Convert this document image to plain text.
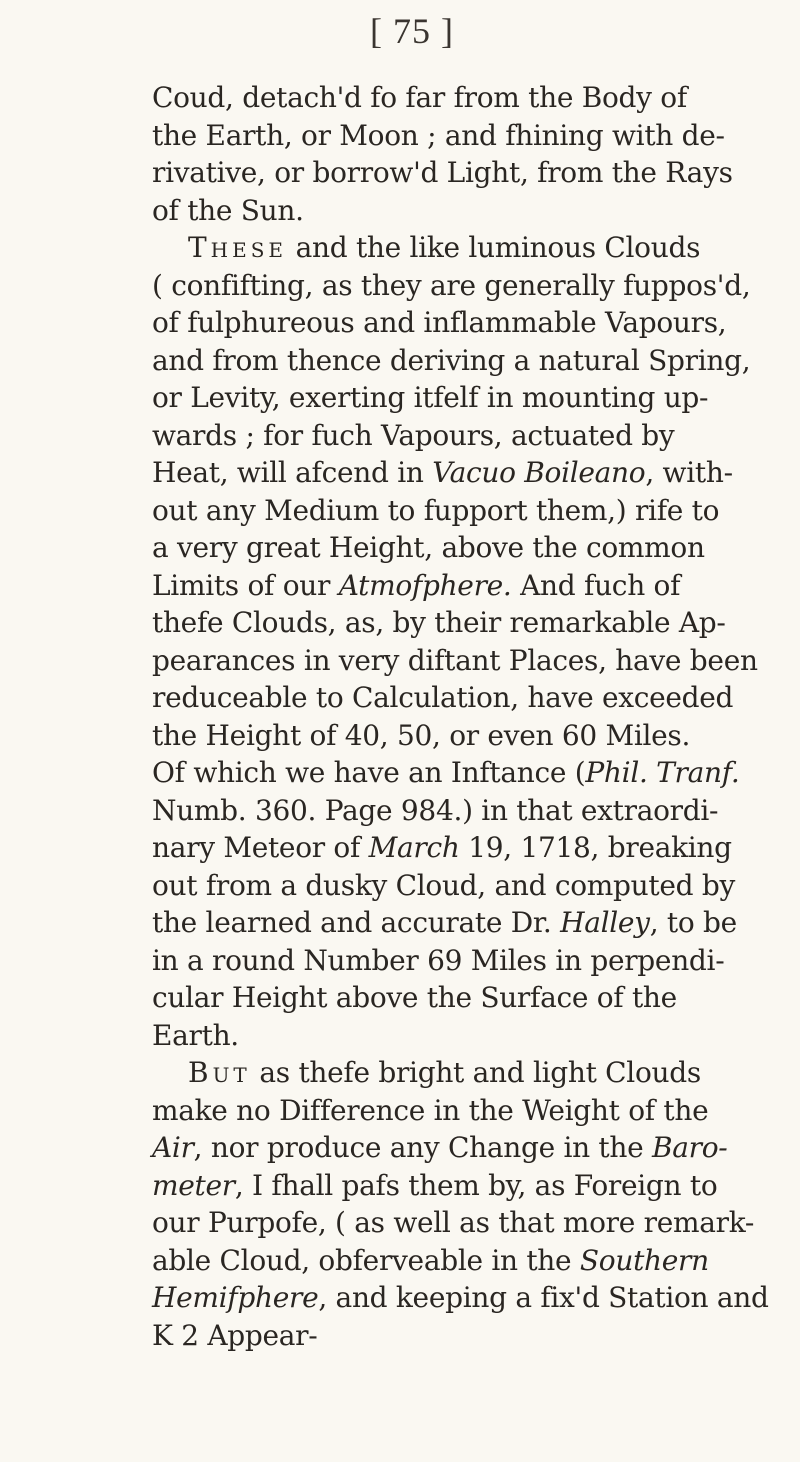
[ 75 ]
Coud, detach'd fo far from the Body of
the Earth, or Moon ; and fhining with de-
rivative, or borrow'd Light, from the Rays
of the Sun.
These and the like luminous Clouds
( confifting, as they are generally fuppos'd,
of fulphureous and inflammable Vapours,
and from thence deriving a natural Spring,
or Levity, exerting itfelf in mounting up-
wards ; for fuch Vapours, actuated by
Heat, will afcend in Vacuo Boileano, with-
out any Medium to fupport them,) rife to
a very great Height, above the common
Limits of our Atmofphere. And fuch of
thefe Clouds, as, by their remarkable Ap-
pearances in very diftant Places, have been
reduceable to Calculation, have exceeded
the Height of 40, 50, or even 60 Miles.
Of which we have an Inftance (Phil. Tranf.
Numb. 360. Page 984.) in that extraordi-
nary Meteor of March 19, 1718, breaking
out from a dusky Cloud, and computed by
the learned and accurate Dr. Halley, to be
in a round Number 69 Miles in perpendi-
cular Height above the Surface of the
Earth.
But as thefe bright and light Clouds
make no Difference in the Weight of the
Air, nor produce any Change in the Baro-
meter, I fhall pafs them by, as Foreign to
our Purpofe, ( as well as that more remark-
able Cloud, obferveable in the Southern
Hemifphere, and keeping a fix'd Station and
K 2 Appear-
